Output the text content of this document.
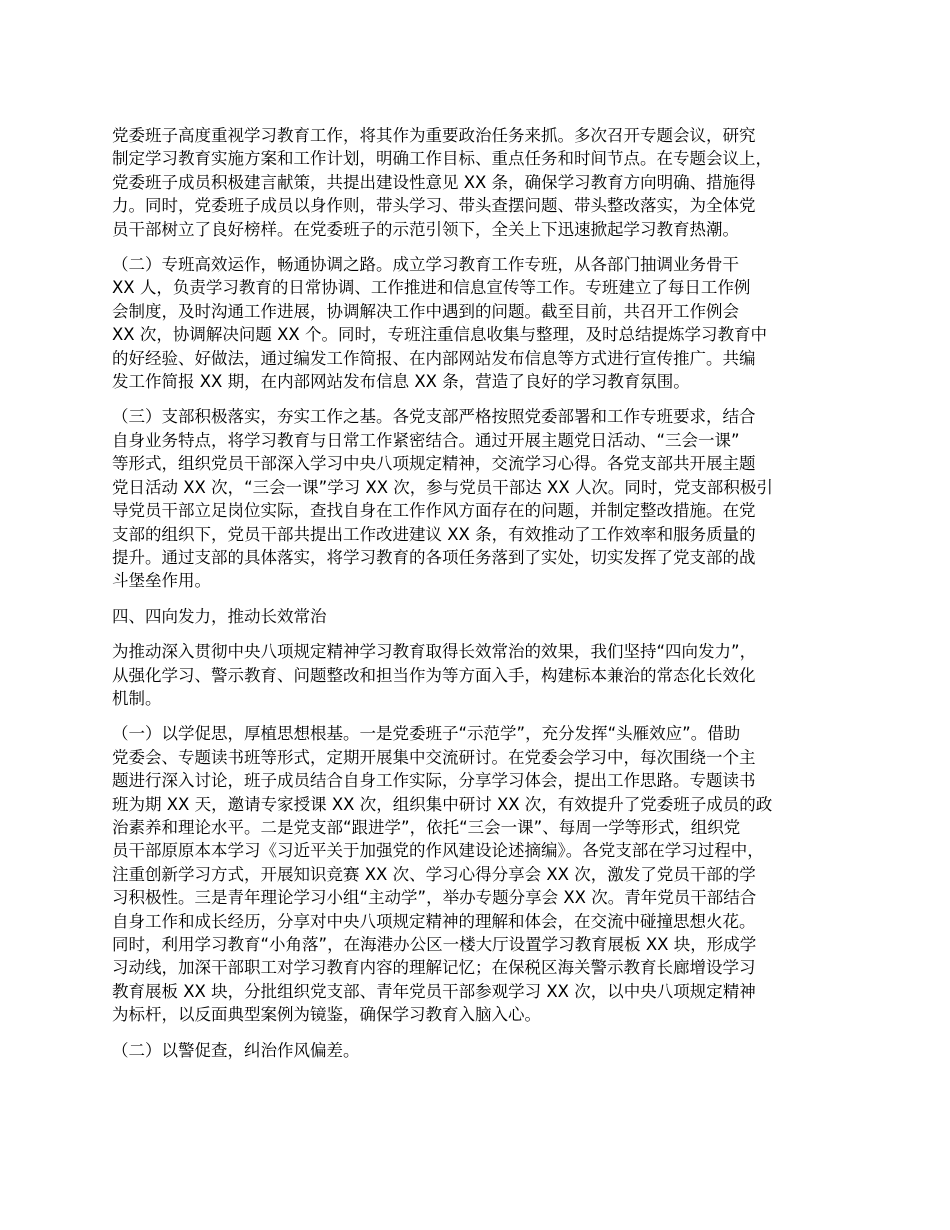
党委班子高度重视学习教育工作，将其作为重要政治任务来抓。多次召开专题会议，研究
制定学习教育实施方案和工作计划，明确工作目标、重点任务和时间节点。在专题会议上，
党委班子成员积极建言献策，共提出建设性意见 XX 条，确保学习教育方向明确、措施得
力。同时，党委班子成员以身作则，带头学习、带头查摆问题、带头整改落实，为全体党
员干部树立了良好榜样。在党委班子的示范引领下，全关上下迅速掀起学习教育热潮。

（二）专班高效运作，畅通协调之路。成立学习教育工作专班，从各部门抽调业务骨干
XX 人，负责学习教育的日常协调、工作推进和信息宣传等工作。专班建立了每日工作例
会制度，及时沟通工作进展，协调解决工作中遇到的问题。截至目前，共召开工作例会
XX 次，协调解决问题 XX 个。同时，专班注重信息收集与整理，及时总结提炼学习教育中
的好经验、好做法，通过编发工作简报、在内部网站发布信息等方式进行宣传推广。共编
发工作简报 XX 期，在内部网站发布信息 XX 条，营造了良好的学习教育氛围。

（三）支部积极落实，夯实工作之基。各党支部严格按照党委部署和工作专班要求，结合
自身业务特点，将学习教育与日常工作紧密结合。通过开展主题党日活动、“三会一课”
等形式，组织党员干部深入学习中央八项规定精神，交流学习心得。各党支部共开展主题
党日活动 XX 次，“三会一课”学习 XX 次，参与党员干部达 XX 人次。同时，党支部积极引
导党员干部立足岗位实际，查找自身在工作作风方面存在的问题，并制定整改措施。在党
支部的组织下，党员干部共提出工作改进建议 XX 条，有效推动了工作效率和服务质量的
提升。通过支部的具体落实，将学习教育的各项任务落到了实处，切实发挥了党支部的战
斗堡垒作用。

四、四向发力，推动长效常治

为推动深入贯彻中央八项规定精神学习教育取得长效常治的效果，我们坚持“四向发力”，
从强化学习、警示教育、问题整改和担当作为等方面入手，构建标本兼治的常态化长效化
机制。

（一）以学促思，厚植思想根基。一是党委班子“示范学”，充分发挥“头雁效应”。借助
党委会、专题读书班等形式，定期开展集中交流研讨。在党委会学习中，每次围绕一个主
题进行深入讨论，班子成员结合自身工作实际，分享学习体会，提出工作思路。专题读书
班为期 XX 天，邀请专家授课 XX 次，组织集中研讨 XX 次，有效提升了党委班子成员的政
治素养和理论水平。二是党支部“跟进学”，依托“三会一课”、每周一学等形式，组织党
员干部原原本本学习《习近平关于加强党的作风建设论述摘编》。各党支部在学习过程中，
注重创新学习方式，开展知识竞赛 XX 次、学习心得分享会 XX 次，激发了党员干部的学
习积极性。三是青年理论学习小组“主动学”，举办专题分享会 XX 次。青年党员干部结合
自身工作和成长经历，分享对中央八项规定精神的理解和体会，在交流中碰撞思想火花。
同时，利用学习教育“小角落”，在海港办公区一楼大厅设置学习教育展板 XX 块，形成学
习动线，加深干部职工对学习教育内容的理解记忆；在保税区海关警示教育长廊增设学习
教育展板 XX 块，分批组织党支部、青年党员干部参观学习 XX 次，以中央八项规定精神
为标杆，以反面典型案例为镜鉴，确保学习教育入脑入心。

（二）以警促查，纠治作风偏差。
